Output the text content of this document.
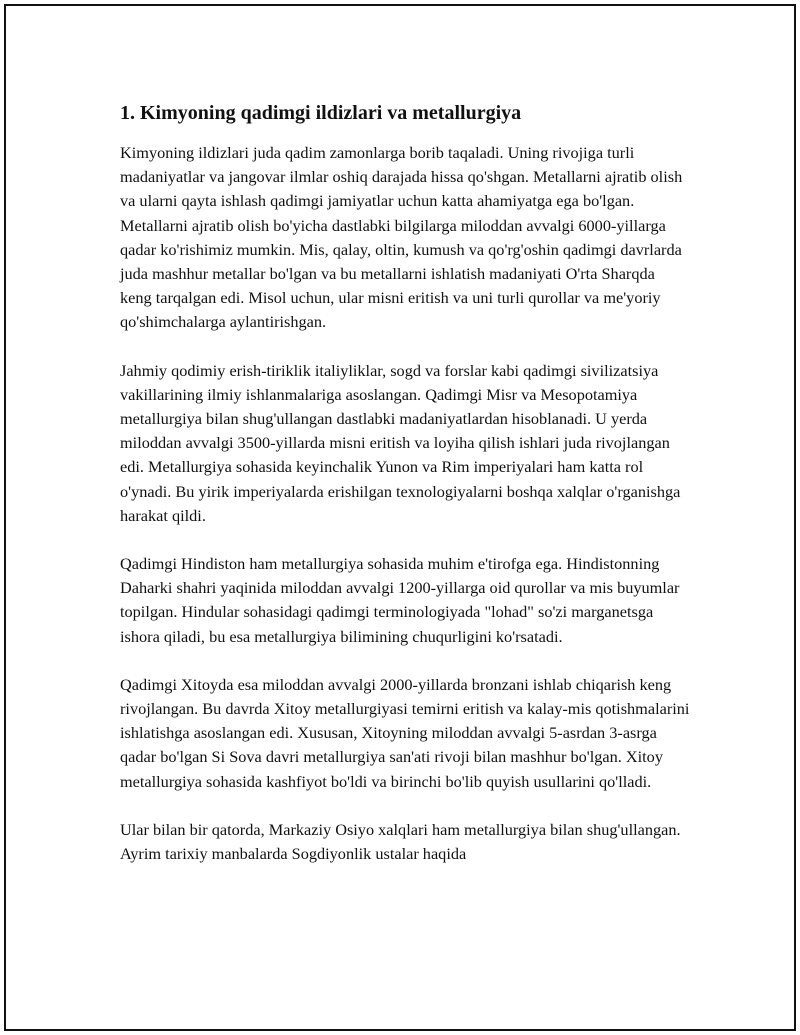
1. Kimyoning qadimgi ildizlari va metallurgiya

Kimyoning ildizlari juda qadim zamonlarga borib taqaladi. Uning rivojiga turli madaniyatlar va jangovar ilmlar oshiq darajada hissa qo'shgan. Metallarni ajratib olish va ularni qayta ishlash qadimgi jamiyatlar uchun katta ahamiyatga ega bo'lgan. Metallarni ajratib olish bo'yicha dastlabki bilgilarga miloddan avvalgi 6000-yillarga qadar ko'rishimiz mumkin. Mis, qalay, oltin, kumush va qo'rg'oshin qadimgi davrlarda juda mashhur metallar bo'lgan va bu metallarni ishlatish madaniyati O'rta Sharqda keng tarqalgan edi. Misol uchun, ular misni eritish va uni turli qurollar va me'yoriy qo'shimchalarga aylantirishgan.

Jahmiy qodimiy erish-tiriklik italiyliklar, sogd va forslar kabi qadimgi sivilizatsiya vakillarining ilmiy ishlanmalariga asoslangan. Qadimgi Misr va Mesopotamiya metallurgiya bilan shug'ullangan dastlabki madaniyatlardan hisoblanadi. U yerda miloddan avvalgi 3500-yillarda misni eritish va loyiha qilish ishlari juda rivojlangan edi. Metallurgiya sohasida keyinchalik Yunon va Rim imperiyalari ham katta rol o'ynadi. Bu yirik imperiyalarda erishilgan texnologiyalarni boshqa xalqlar o'rganishga harakat qildi.

Qadimgi Hindiston ham metallurgiya sohasida muhim e'tirofga ega. Hindistonning Daharki shahri yaqinida miloddan avvalgi 1200-yillarga oid qurollar va mis buyumlar topilgan. Hindular sohasidagi qadimgi terminologiyada "lohad" so'zi marganetsga ishora qiladi, bu esa metallurgiya bilimining chuqurligini ko'rsatadi.

Qadimgi Xitoyda esa miloddan avvalgi 2000-yillarda bronzani ishlab chiqarish keng rivojlangan. Bu davrda Xitoy metallurgiyasi temirni eritish va kalay-mis qotishmalarini ishlatishga asoslangan edi. Xususan, Xitoyning miloddan avvalgi 5-asrdan 3-asrga qadar bo'lgan Si Sova davri metallurgiya san'ati rivoji bilan mashhur bo'lgan. Xitoy metallurgiya sohasida kashfiyot bo'ldi va birinchi bo'lib quyish usullarini qo'lladi.

Ular bilan bir qatorda, Markaziy Osiyo xalqlari ham metallurgiya bilan shug'ullangan. Ayrim tarixiy manbalarda Sogdiyonlik ustalar haqida
